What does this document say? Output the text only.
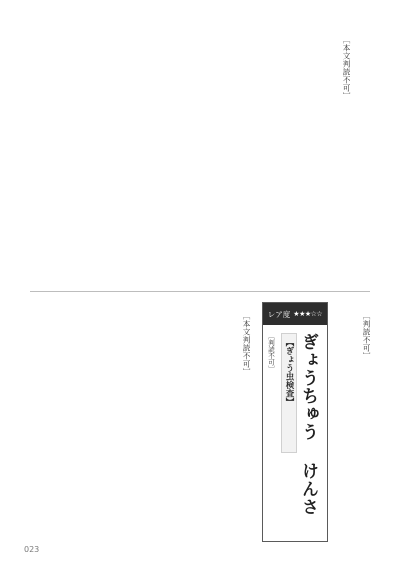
［本文判読不可］

［判読不可］

レア度 ★★★☆☆
ぎょうちゅう けんさ
【ぎょう虫検査】
［判読不可］

［本文判読不可］

023
